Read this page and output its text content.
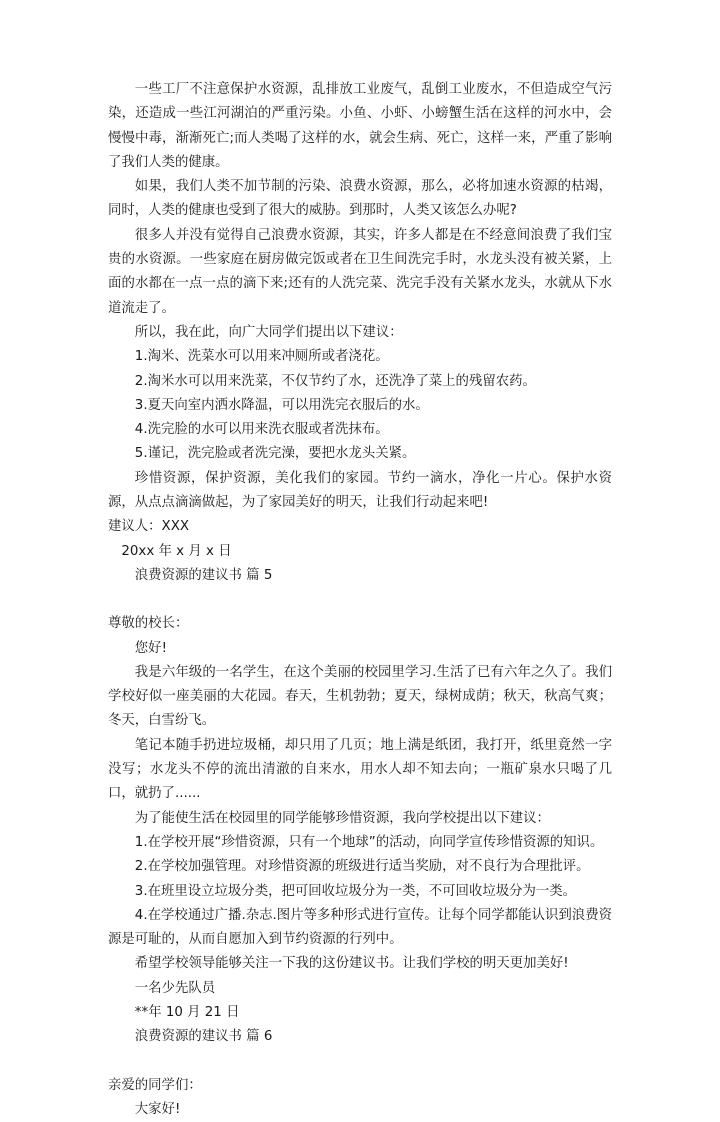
一些工厂不注意保护水资源，乱排放工业废气，乱倒工业废水，不但造成空气污染，还造成一些江河湖泊的严重污染。小鱼、小虾、小螃蟹生活在这样的河水中，会慢慢中毒，渐渐死亡;而人类喝了这样的水，就会生病、死亡，这样一来，严重了影响了我们人类的健康。

如果，我们人类不加节制的污染、浪费水资源，那么，必将加速水资源的枯竭，同时，人类的健康也受到了很大的威胁。到那时，人类又该怎么办呢?

很多人并没有觉得自己浪费水资源，其实，许多人都是在不经意间浪费了我们宝贵的水资源。一些家庭在厨房做完饭或者在卫生间洗完手时，水龙头没有被关紧，上面的水都在一点一点的滴下来;还有的人洗完菜、洗完手没有关紧水龙头，水就从下水道流走了。

所以，我在此，向广大同学们提出以下建议：

1.淘米、洗菜水可以用来冲厕所或者浇花。

2.淘米水可以用来洗菜，不仅节约了水，还洗净了菜上的残留农药。

3.夏天向室内洒水降温，可以用洗完衣服后的水。

4.洗完脸的水可以用来洗衣服或者洗抹布。

5.谨记，洗完脸或者洗完澡，要把水龙头关紧。

珍惜资源，保护资源，美化我们的家园。节约一滴水，净化一片心。保护水资源，从点点滴滴做起，为了家园美好的明天，让我们行动起来吧!

建议人：XXX

20xx 年 x 月 x 日

浪费资源的建议书 篇 5

尊敬的校长：

您好!

我是六年级的一名学生，在这个美丽的校园里学习.生活了已有六年之久了。我们学校好似一座美丽的大花园。春天，生机勃勃；夏天，绿树成荫；秋天，秋高气爽；冬天，白雪纷飞。

笔记本随手扔进垃圾桶，却只用了几页；地上满是纸团，我打开，纸里竟然一字没写；水龙头不停的流出清澈的自来水，用水人却不知去向；一瓶矿泉水只喝了几口，就扔了......

为了能使生活在校园里的同学能够珍惜资源，我向学校提出以下建议：

1.在学校开展“珍惜资源，只有一个地球”的活动，向同学宣传珍惜资源的知识。

2.在学校加强管理。对珍惜资源的班级进行适当奖励，对不良行为合理批评。

3.在班里设立垃圾分类，把可回收垃圾分为一类，不可回收垃圾分为一类。

4.在学校通过广播.杂志.图片等多种形式进行宣传。让每个同学都能认识到浪费资源是可耻的，从而自愿加入到节约资源的行列中。

希望学校领导能够关注一下我的这份建议书。让我们学校的明天更加美好!

一名少先队员

**年 10 月 21 日

浪费资源的建议书 篇 6

亲爱的同学们：

大家好!
